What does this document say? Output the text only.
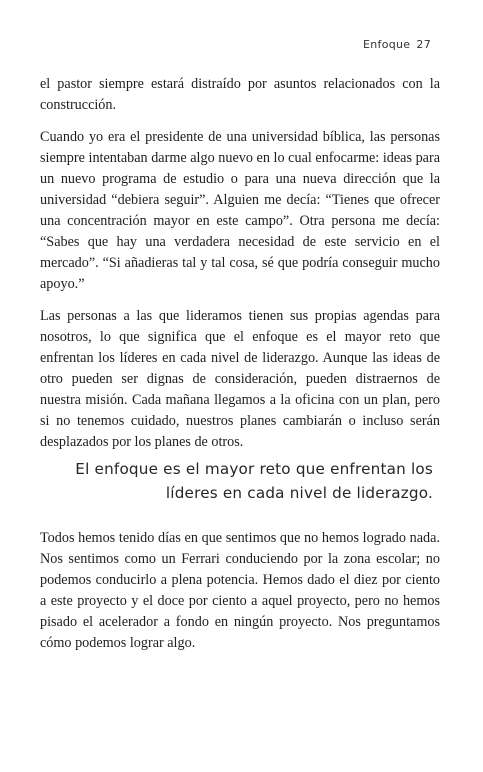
Enfoque 27

el pastor siempre estará distraído por asuntos relacionados con la construcción.

Cuando yo era el presidente de una universidad bíblica, las personas siempre intentaban darme algo nuevo en lo cual enfocarme: ideas para un nuevo programa de estudio o para una nueva dirección que la universidad “debiera seguir”. Alguien me decía: “Tienes que ofrecer una concentración mayor en este campo”. Otra persona me decía: “Sabes que hay una verdadera necesidad de este servicio en el mercado”. “Si añadieras tal y tal cosa, sé que podría conseguir mucho apoyo.”

Las personas a las que lideramos tienen sus propias agendas para nosotros, lo que significa que el enfoque es el mayor reto que enfrentan los líderes en cada nivel de liderazgo. Aunque las ideas de otro pueden ser dignas de consideración, pueden distraernos de nuestra misión. Cada mañana llegamos a la oficina con un plan, pero si no tenemos cuidado, nuestros planes cambiarán o incluso serán desplazados por los planes de otros.

El enfoque es el mayor reto que enfrentan los líderes en cada nivel de liderazgo.

Todos hemos tenido días en que sentimos que no hemos logrado nada. Nos sentimos como un Ferrari conduciendo por la zona escolar; no podemos conducirlo a plena potencia. Hemos dado el diez por ciento a este proyecto y el doce por ciento a aquel proyecto, pero no hemos pisado el acelerador a fondo en ningún proyecto. Nos preguntamos cómo podemos lograr algo.
